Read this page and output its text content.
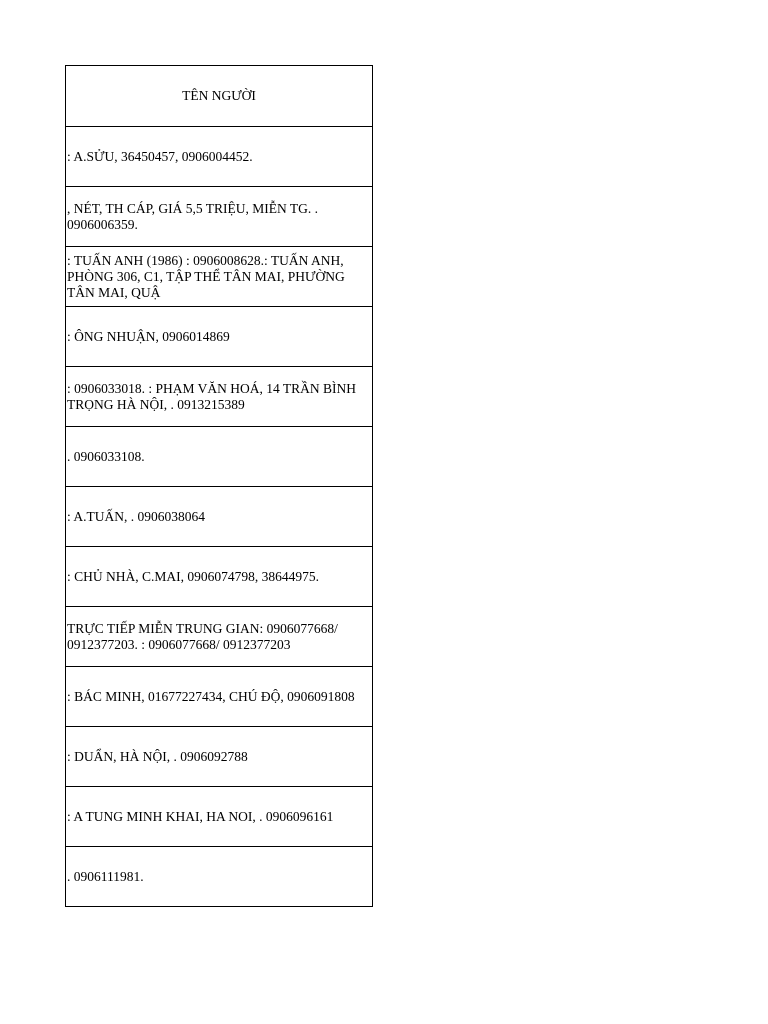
TÊN NGƯỜI
: A.SỬU, 36450457, 0906004452.
, NÉT, TH CÁP, GIÁ 5,5 TRIỆU, MIỄN TG. . 0906006359.
: TUẤN ANH (1986) : 0906008628.: TUẤN ANH, PHÒNG 306, C1, TẬP THỂ TÂN MAI, PHƯỜNG TÂN MAI, QUẬ
: ÔNG NHUẬN, 0906014869
: 0906033018. : PHẠM VĂN HOÁ, 14 TRẦN BÌNH TRỌNG HÀ NỘI, . 0913215389
. 0906033108.
: A.TUẤN, . 0906038064
: CHỦ NHÀ, C.MAI, 0906074798, 38644975.
TRỰC TIẾP MIỄN TRUNG GIAN: 0906077668/ 0912377203. : 0906077668/ 0912377203
: BÁC MINH, 01677227434, CHÚ ĐỘ, 0906091808
: DUẨN, HÀ NỘI, . 0906092788
: A TUNG MINH KHAI, HA NOI, . 0906096161
. 0906111981.
